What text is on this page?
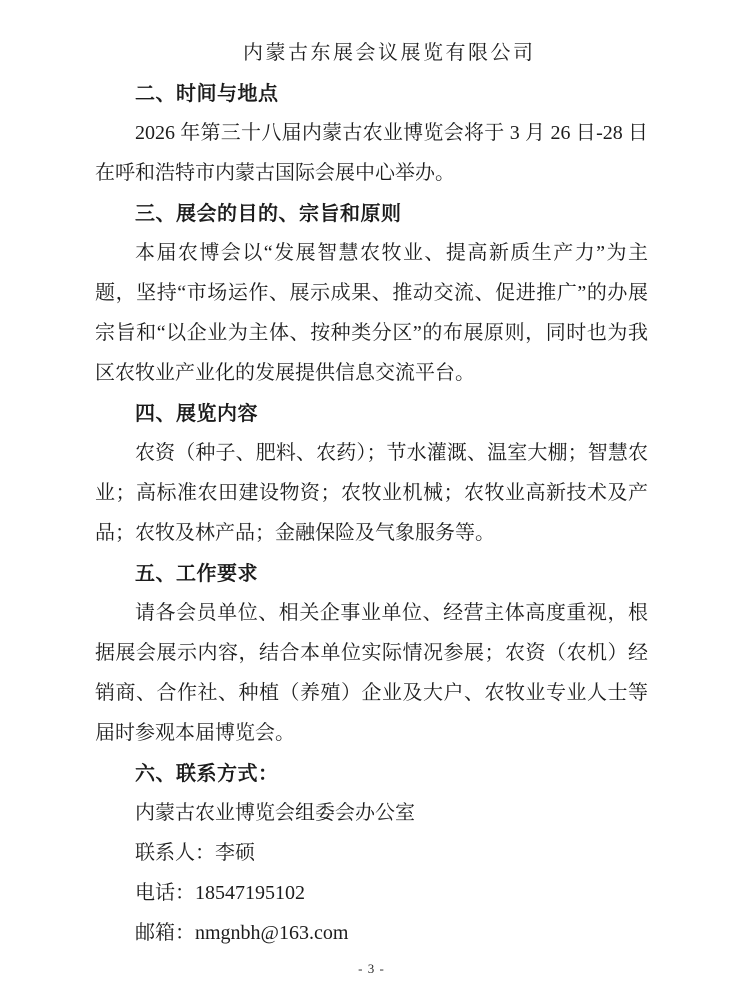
内蒙古东展会议展览有限公司

二、时间与地点

2026 年第三十八届内蒙古农业博览会将于 3 月 26 日-28 日在呼和浩特市内蒙古国际会展中心举办。

三、展会的目的、宗旨和原则

本届农博会以“发展智慧农牧业、提高新质生产力”为主题，坚持“市场运作、展示成果、推动交流、促进推广”的办展宗旨和“以企业为主体、按种类分区”的布展原则，同时也为我区农牧业产业化的发展提供信息交流平台。

四、展览内容

农资（种子、肥料、农药）；节水灌溉、温室大棚；智慧农业；高标准农田建设物资；农牧业机械；农牧业高新技术及产品；农牧及林产品；金融保险及气象服务等。

五、工作要求

请各会员单位、相关企事业单位、经营主体高度重视，根据展会展示内容，结合本单位实际情况参展；农资（农机）经销商、合作社、种植（养殖）企业及大户、农牧业专业人士等届时参观本届博览会。

六、联系方式：

内蒙古农业博览会组委会办公室

联系人：李硕

电话：18547195102

邮箱：nmgnbh@163.com

- 3 -
